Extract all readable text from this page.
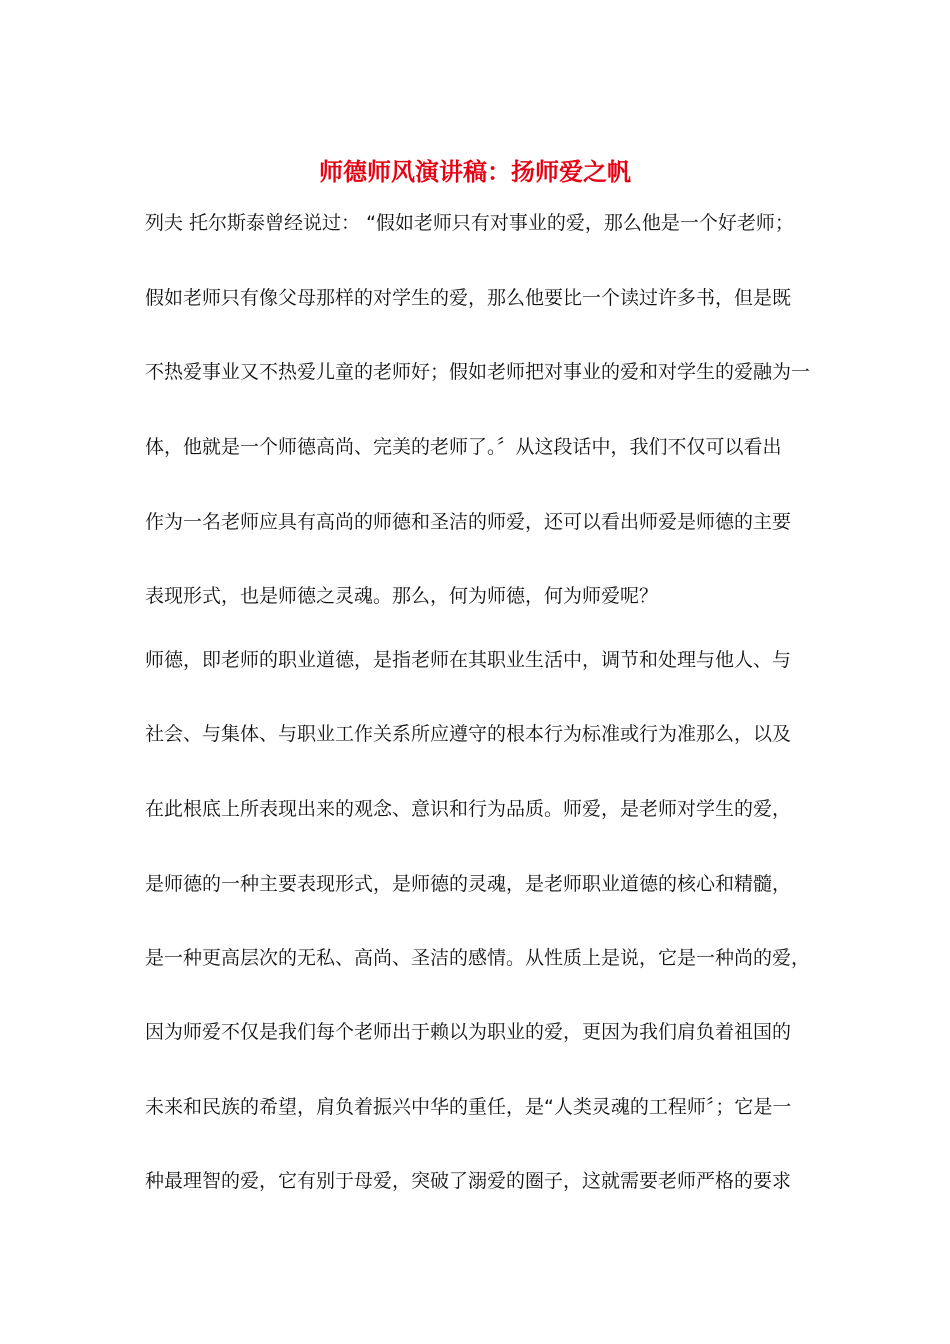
师德师风演讲稿：扬师爱之帆
列夫 托尔斯泰曾经说过： “假如老师只有对事业的爱，那么他是一个好老师；
假如老师只有像父母那样的对学生的爱，那么他要比一个读过许多书，但是既
不热爱事业又不热爱儿童的老师好；假如老师把对事业的爱和对学生的爱融为一
体，他就是一个师德高尚、完美的老师了。〞从这段话中，我们不仅可以看出
作为一名老师应具有高尚的师德和圣洁的师爱，还可以看出师爱是师德的主要
表现形式，也是师德之灵魂。那么，何为师德，何为师爱呢？
师德，即老师的职业道德，是指老师在其职业生活中，调节和处理与他人、与
社会、与集体、与职业工作关系所应遵守的根本行为标准或行为准那么，以及
在此根底上所表现出来的观念、意识和行为品质。师爱，是老师对学生的爱，
是师德的一种主要表现形式，是师德的灵魂，是老师职业道德的核心和精髓，
是一种更高层次的无私、高尚、圣洁的感情。从性质上是说，它是一种尚的爱，
因为师爱不仅是我们每个老师出于赖以为职业的爱，更因为我们肩负着祖国的
未来和民族的希望，肩负着振兴中华的重任，是“人类灵魂的工程师〞；它是一
种最理智的爱，它有别于母爱，突破了溺爱的圈子，这就需要老师严格的要求
